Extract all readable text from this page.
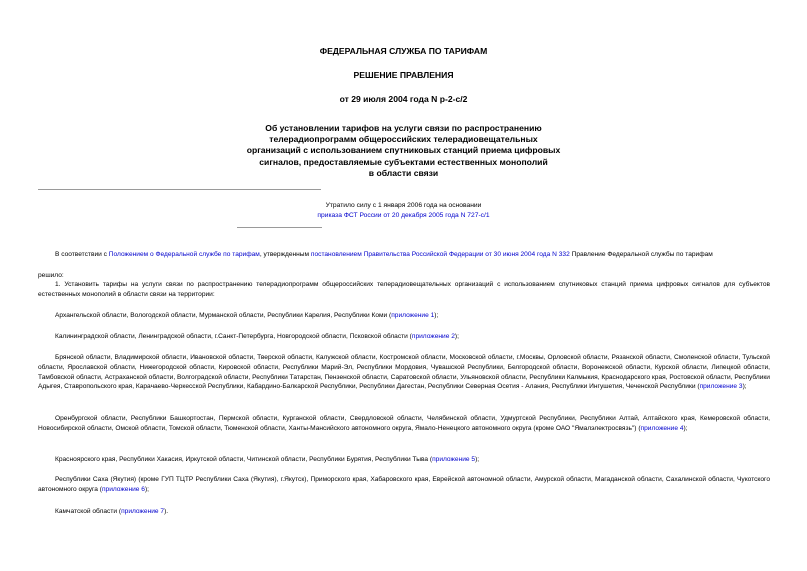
ФЕДЕРАЛЬНАЯ СЛУЖБА ПО ТАРИФАМ
РЕШЕНИЕ ПРАВЛЕНИЯ
от 29 июля 2004 года N р-2-с/2
Об установлении тарифов на услуги связи по распространению
телерадиопрограмм общероссийских телерадиовещательных
организаций с использованием спутниковых станций приема цифровых
сигналов, предоставляемые субъектами естественных монополий
в области связи
Утратило силу с 1 января 2006 года на основании
приказа ФСТ России от 20 декабря 2005 года N 727-с/1
В соответствии с Положением о Федеральной службе по тарифам, утвержденным постановлением Правительства Российской Федерации от 30 июня 2004 года N 332 Правление Федеральной службы по тарифам
решило:
1. Установить тарифы на услуги связи по распространению телерадиопрограмм общероссийских телерадиовещательных организаций с использованием спутниковых станций приема цифровых сигналов для субъектов естественных монополий в области связи на территории:
Архангельской области, Вологодской области, Мурманской области, Республики Карелия, Республики Коми (приложение 1);
Калининградской области, Ленинградской области, г.Санкт-Петербурга, Новгородской области, Псковской области (приложение 2);
Брянской области, Владимирской области, Ивановской области, Тверской области, Калужской области, Костромской области, Московской области, г.Москвы, Орловской области, Рязанской области, Смоленской области, Тульской области, Ярославской области, Нижегородской области, Кировской области, Республики Марий-Эл, Республики Мордовия, Чувашской Республики, Белгородской области, Воронежской области, Курской области, Липецкой области, Тамбовской области, Астраханской области, Волгоградской области, Республики Татарстан, Пензенской области, Саратовской области, Ульяновской области, Республики Калмыкия, Краснодарского края, Ростовской области, Республики Адыгея, Ставропольского края, Карачаево-Черкесской Республики, Кабардино-Балкарской Республики, Республики Дагестан, Республики Северная Осетия - Алания, Республики Ингушетия, Чеченской Республики (приложение 3);
Оренбургской области, Республики Башкортостан, Пермской области, Курганской области, Свердловской области, Челябинской области, Удмуртской Республики, Республики Алтай, Алтайского края, Кемеровской области, Новосибирской области, Омской области, Томской области, Тюменской области, Ханты-Мансийского автономного округа, Ямало-Ненецкого автономного округа (кроме ОАО "Ямалэлектросвязь") (приложение 4);
Красноярского края, Республики Хакасия, Иркутской области, Читинской области, Республики Бурятия, Республики Тыва (приложение 5);
Республики Саха (Якутия) (кроме ГУП ТЦТР Республики Саха (Якутия), г.Якутск), Приморского края, Хабаровского края, Еврейской автономной области, Амурской области, Магаданской области, Сахалинской области, Чукотского автономного округа (приложение 6);
Камчатской области (приложение 7).
